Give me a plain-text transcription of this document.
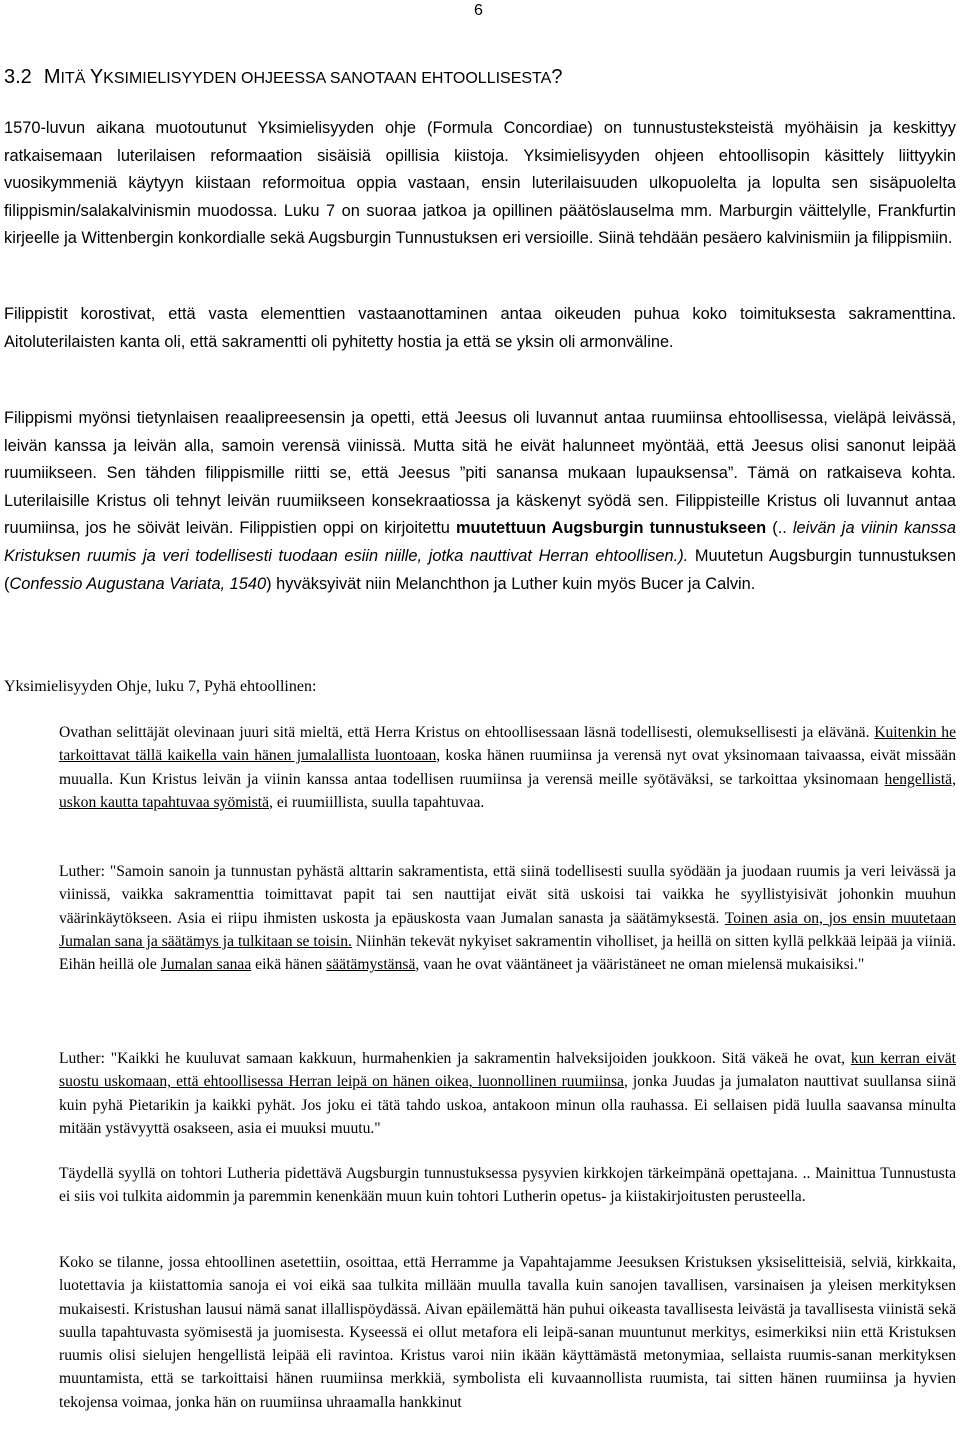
6
3.2 MITÄ YKSIMIELISYYDEN OHJEESSA SANOTAAN EHTOOLLISESTA?

1570-luvun aikana muotoutunut Yksimielisyyden ohje (Formula Concordiae) on tunnustusteksteistä myöhäisin ja keskittyy ratkaisemaan luterilaisen reformaation sisäisiä opillisia kiistoja. Yksimielisyyden ohjeen ehtoollisopin käsittely liittyykin vuosikymmeniä käytyyn kiistaan reformoitua oppia vastaan, ensin luterilaisuuden ulkopuolelta ja lopulta sen sisäpuolelta filippismin/salakalvinismin muodossa. Luku 7 on suoraa jatkoa ja opillinen päätöslauselma mm. Marburgin väittelylle, Frankfurtin kirjeelle ja Wittenbergin konkordialle sekä Augsburgin Tunnustuksen eri versioille. Siinä tehdään pesäero kalvinismiin ja filippismiin.

Filippistit korostivat, että vasta elementtien vastaanottaminen antaa oikeuden puhua koko toimituksesta sakramenttina. Aitoluterilaisten kanta oli, että sakramentti oli pyhitetty hostia ja että se yksin oli armonväline.

Filippismi myönsi tietynlaisen reaalipreesensin ja opetti, että Jeesus oli luvannut antaa ruumiinsa ehtoollisessa, vieläpä leivässä, leivän kanssa ja leivän alla, samoin verensä viinissä. Mutta sitä he eivät halunneet myöntää, että Jeesus olisi sanonut leipää ruumiikseen. Sen tähden filippismille riitti se, että Jeesus ”piti sanansa mukaan lupauksensa”. Tämä on ratkaiseva kohta. Luterilaisille Kristus oli tehnyt leivän ruumiikseen konsekraatiossa ja käskenyt syödä sen. Filippisteille Kristus oli luvannut antaa ruumiinsa, jos he söivät leivän. Filippistien oppi on kirjoitettu muutettuun Augsburgin tunnustukseen (.. leivän ja viinin kanssa Kristuksen ruumis ja veri todellisesti tuodaan esiin niille, jotka nauttivat Herran ehtoollisen.). Muutetun Augsburgin tunnustuksen (Confessio Augustana Variata, 1540) hyväksyivät niin Melanchthon ja Luther kuin myös Bucer ja Calvin.

Yksimielisyyden Ohje, luku 7, Pyhä ehtoollinen:

Ovathan selittäjät olevinaan juuri sitä mieltä, että Herra Kristus on ehtoollisessaan läsnä todellisesti, olemuksellisesti ja elävänä. Kuitenkin he tarkoittavat tällä kaikella vain hänen jumalallista luontoaan, koska hänen ruumiinsa ja verensä nyt ovat yksinomaan taivaassa, eivät missään muualla. Kun Kristus leivän ja viinin kanssa antaa todellisen ruumiinsa ja verensä meille syötäväksi, se tarkoittaa yksinomaan hengellistä, uskon kautta tapahtuvaa syömistä, ei ruumiillista, suulla tapahtuvaa.

Luther: "Samoin sanoin ja tunnustan pyhästä alttarin sakramentista, että siinä todellisesti suulla syödään ja juodaan ruumis ja veri leivässä ja viinissä, vaikka sakramenttia toimittavat papit tai sen nauttijat eivät sitä uskoisi tai vaikka he syyllistyisivät johonkin muuhun väärinkäytökseen. Asia ei riipu ihmisten uskosta ja epäuskosta vaan Jumalan sanasta ja säätämyksestä. Toinen asia on, jos ensin muutetaan Jumalan sana ja säätämys ja tulkitaan se toisin. Niinhän tekevät nykyiset sakramentin viholliset, ja heillä on sitten kyllä pelkkää leipää ja viiniä. Eihän heillä ole Jumalan sanaa eikä hänen säätämystänsä, vaan he ovat vääntäneet ja vääristäneet ne oman mielensä mukaisiksi."

Luther: "Kaikki he kuuluvat samaan kakkuun, hurmahenkien ja sakramentin halveksijoiden joukkoon. Sitä väkeä he ovat, kun kerran eivät suostu uskomaan, että ehtoollisessa Herran leipä on hänen oikea, luonnollinen ruumiinsa, jonka Juudas ja jumalaton nauttivat suullansa siinä kuin pyhä Pietarikin ja kaikki pyhät. Jos joku ei tätä tahdo uskoa, antakoon minun olla rauhassa. Ei sellaisen pidä luulla saavansa minulta mitään ystävyyttä osakseen, asia ei muuksi muutu."

Täydellä syyllä on tohtori Lutheria pidettävä Augsburgin tunnustuksessa pysyvien kirkkojen tärkeimpänä opettajana. .. Mainittua Tunnustusta ei siis voi tulkita aidommin ja paremmin kenenkään muun kuin tohtori Lutherin opetus- ja kiistakirjoitusten perusteella.

Koko se tilanne, jossa ehtoollinen asetettiin, osoittaa, että Herramme ja Vapahtajamme Jeesuksen Kristuksen yksiselitteisiä, selviä, kirkkaita, luotettavia ja kiistattomia sanoja ei voi eikä saa tulkita millään muulla tavalla kuin sanojen tavallisen, varsinaisen ja yleisen merkityksen mukaisesti. Kristushan lausui nämä sanat illallispöydässä. Aivan epäilemättä hän puhui oikeasta tavallisesta leivästä ja tavallisesta viinistä sekä suulla tapahtuvasta syömisestä ja juomisesta. Kyseessä ei ollut metafora eli leipä-sanan muuntunut merkitys, esimerkiksi niin että Kristuksen ruumis olisi sielujen hengellistä leipää eli ravintoa. Kristus varoi niin ikään käyttämästä metonymiaa, sellaista ruumis-sanan merkityksen muuntamista, että se tarkoittaisi hänen ruumiinsa merkkiä, symbolista eli kuvaannollista ruumista, tai sitten hänen ruumiinsa ja hyvien tekojensa voimaa, jonka hän on ruumiinsa uhraamalla hankkinut
